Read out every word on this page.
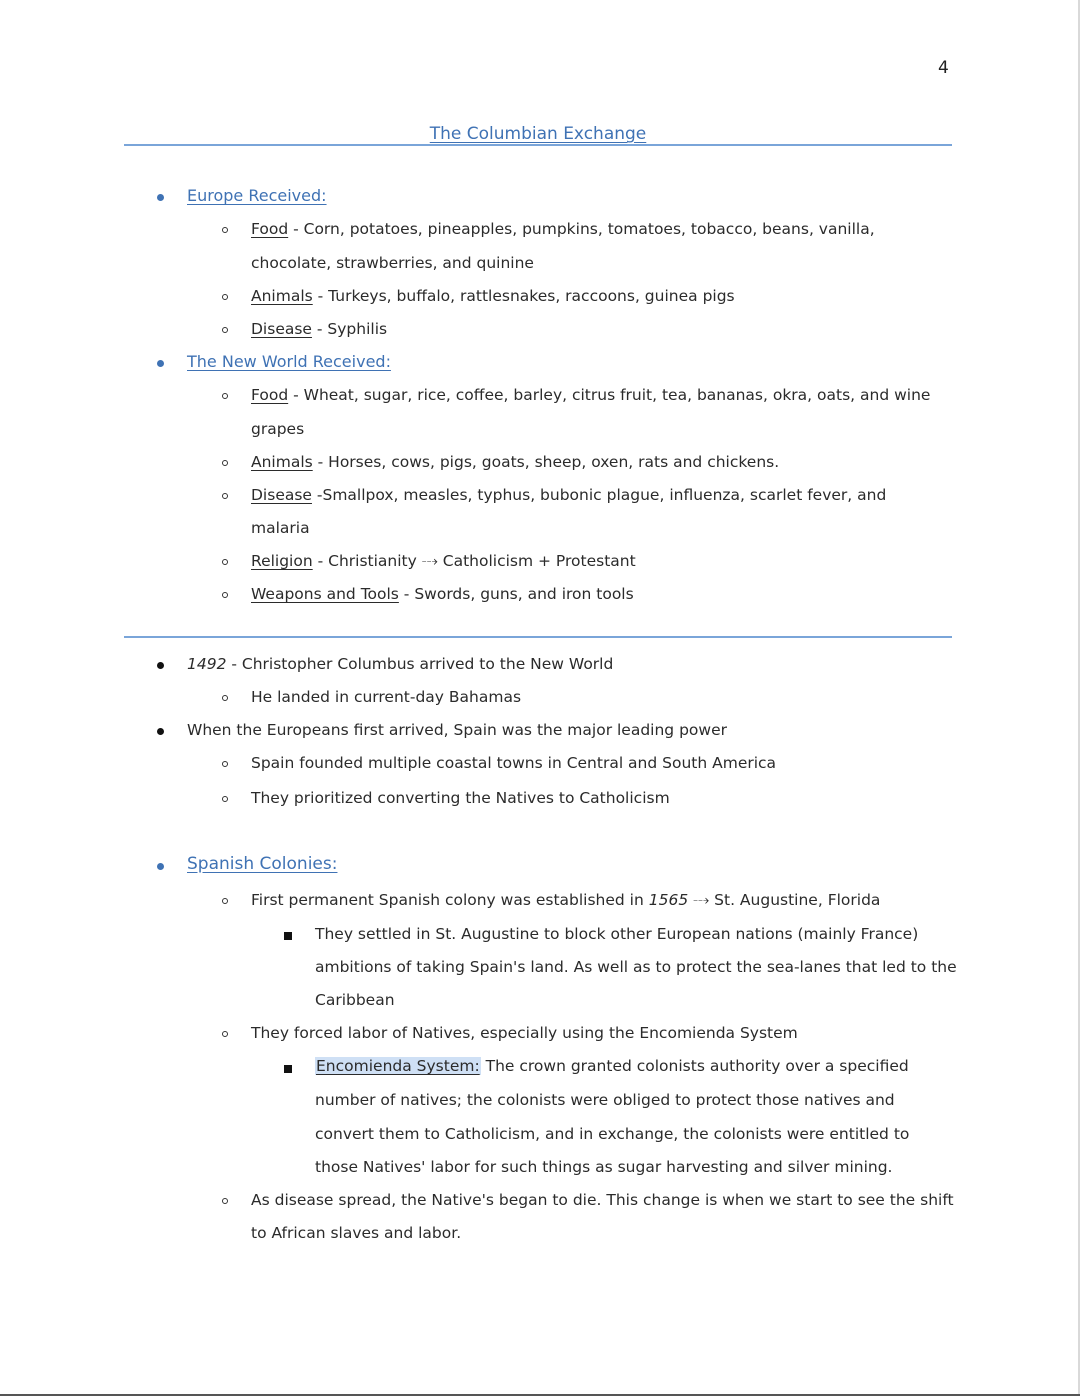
4
The Columbian Exchange
Europe Received:
Food - Corn, potatoes, pineapples, pumpkins, tomatoes, tobacco, beans, vanilla,
chocolate, strawberries, and quinine
Animals - Turkeys, buffalo, rattlesnakes, raccoons, guinea pigs
Disease - Syphilis
The New World Received:
Food - Wheat, sugar, rice, coffee, barley, citrus fruit, tea, bananas, okra, oats, and wine
grapes
Animals - Horses, cows, pigs, goats, sheep, oxen, rats and chickens.
Disease -Smallpox, measles, typhus, bubonic plague, influenza, scarlet fever, and
malaria
Religion - Christianity ⤏ Catholicism + Protestant
Weapons and Tools - Swords, guns, and iron tools
1492 - Christopher Columbus arrived to the New World
He landed in current-day Bahamas
When the Europeans first arrived, Spain was the major leading power
Spain founded multiple coastal towns in Central and South America
They prioritized converting the Natives to Catholicism
Spanish Colonies:
First permanent Spanish colony was established in 1565 ⤏ St. Augustine, Florida
They settled in St. Augustine to block other European nations (mainly France)
ambitions of taking Spain's land. As well as to protect the sea-lanes that led to the
Caribbean
They forced labor of Natives, especially using the Encomienda System
Encomienda System: The crown granted colonists authority over a specified
number of natives; the colonists were obliged to protect those natives and
convert them to Catholicism, and in exchange, the colonists were entitled to
those Natives' labor for such things as sugar harvesting and silver mining.
As disease spread, the Native's began to die. This change is when we start to see the shift
to African slaves and labor.
